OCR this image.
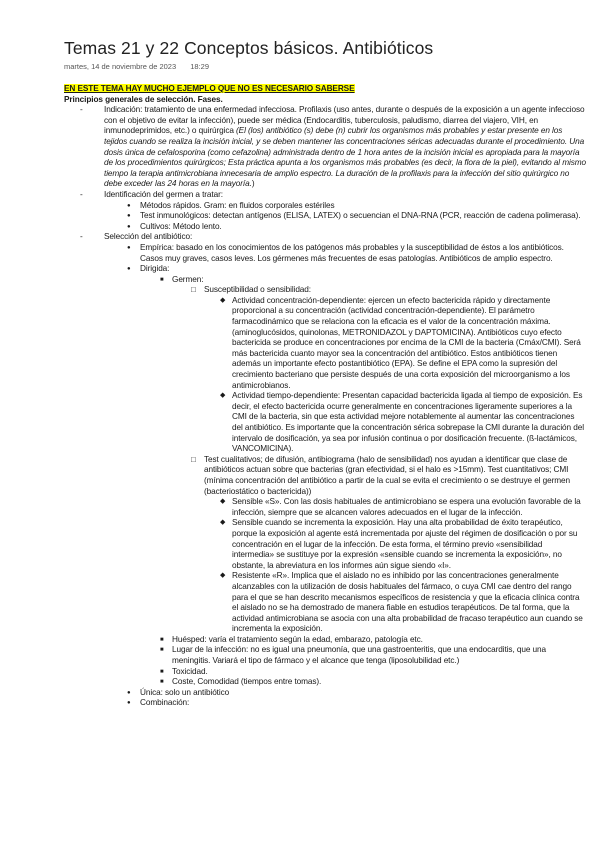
Temas 21 y 22 Conceptos básicos. Antibióticos
martes, 14 de noviembre de 2023 18:29
EN ESTE TEMA HAY MUCHO EJEMPLO QUE NO ES NECESARIO SABERSE
Principios generales de selección. Fases.
- Indicación: tratamiento de una enfermedad infecciosa. Profilaxis (uso antes, durante o después de la exposición a un agente infeccioso con el objetivo de evitar la infección), puede ser médica (Endocarditis, tuberculosis, paludismo, diarrea del viajero, VIH, en inmunodeprimidos, etc.) o quirúrgica (El (los) antibiótico (s) debe (n) cubrir los organismos más probables y estar presente en los tejidos cuando se realiza la incisión inicial, y se deben mantener las concentraciones séricas adecuadas durante el procedimiento. Una dosis única de cefalosporina (como cefazolina) administrada dentro de 1 hora antes de la incisión inicial es apropiada para la mayoría de los procedimientos quirúrgicos; Esta práctica apunta a los organismos más probables (es decir, la flora de la piel), evitando al mismo tiempo la terapia antimicrobiana innecesaria de amplio espectro. La duración de la profilaxis para la infección del sitio quirúrgico no debe exceder las 24 horas en la mayoría.)
- Identificación del germen a tratar:
● Métodos rápidos. Gram: en fluidos corporales estériles
● Test inmunológicos: detectan antígenos (ELISA, LATEX) o secuencian el DNA-RNA (PCR, reacción de cadena polimerasa).
● Cultivos: Método lento.
- Selección del antibiótico:
● Empírica: basado en los conocimientos de los patógenos más probables y la susceptibilidad de éstos a los antibióticos. Casos muy graves, casos leves. Los gérmenes más frecuentes de esas patologías. Antibióticos de amplio espectro.
● Dirigida:
■ Germen:
□ Susceptibilidad o sensibilidad:
◆ Actividad concentración-dependiente: ejercen un efecto bactericida rápido y directamente proporcional a su concentración (actividad concentración-dependiente). El parámetro farmacodinámico que se relaciona con la eficacia es el valor de la concentración máxima. (aminoglucósidos, quinolonas, METRONIDAZOL y DAPTOMICINA). Antibióticos cuyo efecto bactericida se produce en concentraciones por encima de la CMI de la bacteria (Cmáx/CMI). Será más bactericida cuanto mayor sea la concentración del antibiótico. Estos antibióticos tienen además un importante efecto postantibiótico (EPA). Se define el EPA como la supresión del crecimiento bacteriano que persiste después de una corta exposición del microorganismo a los antimicrobianos.
◆ Actividad tiempo-dependiente: Presentan capacidad bactericida ligada al tiempo de exposición. Es decir, el efecto bactericida ocurre generalmente en concentraciones ligeramente superiores a la CMI de la bacteria, sin que esta actividad mejore notablemente al aumentar las concentraciones del antibiótico. Es importante que la concentración sérica sobrepase la CMI durante la duración del intervalo de dosificación, ya sea por infusión continua o por dosificación frecuente. (ß-lactámicos, VANCOMICINA).
□ Test cualitativos; de difusión, antibiograma (halo de sensibilidad) nos ayudan a identificar que clase de antibióticos actuan sobre que bacterias (gran efectividad, si el halo es >15mm). Test cuantitativos; CMI (mínima concentración del antibiótico a partir de la cual se evita el crecimiento o se destruye el germen (bacteriostático o bactericida))
◆ Sensible «S». Con las dosis habituales de antimicrobiano se espera una evolución favorable de la infección, siempre que se alcancen valores adecuados en el lugar de la infección.
◆ Sensible cuando se incrementa la exposición. Hay una alta probabilidad de éxito terapéutico, porque la exposición al agente está incrementada por ajuste del régimen de dosificación o por su concentración en el lugar de la infección. De esta forma, el término previo «sensibilidad intermedia» se sustituye por la expresión «sensible cuando se incrementa la exposición», no obstante, la abreviatura en los informes aún sigue siendo «I».
◆ Resistente «R». Implica que el aislado no es inhibido por las concentraciones generalmente alcanzables con la utilización de dosis habituales del fármaco, o cuya CMI cae dentro del rango para el que se han descrito mecanismos específicos de resistencia y que la eficacia clínica contra el aislado no se ha demostrado de manera fiable en estudios terapéuticos. De tal forma, que la actividad antimicrobiana se asocia con una alta probabilidad de fracaso terapéutico aun cuando se incrementa la exposición.
■ Huésped: varía el tratamiento según la edad, embarazo, patología etc.
■ Lugar de la infección: no es igual una pneumonía, que una gastroenteritis, que una endocarditis, que una meningitis. Variará el tipo de fármaco y el alcance que tenga (liposolubilidad etc.)
■ Toxicidad.
■ Coste, Comodidad (tiempos entre tomas).
● Única: solo un antibiótico
● Combinación:
